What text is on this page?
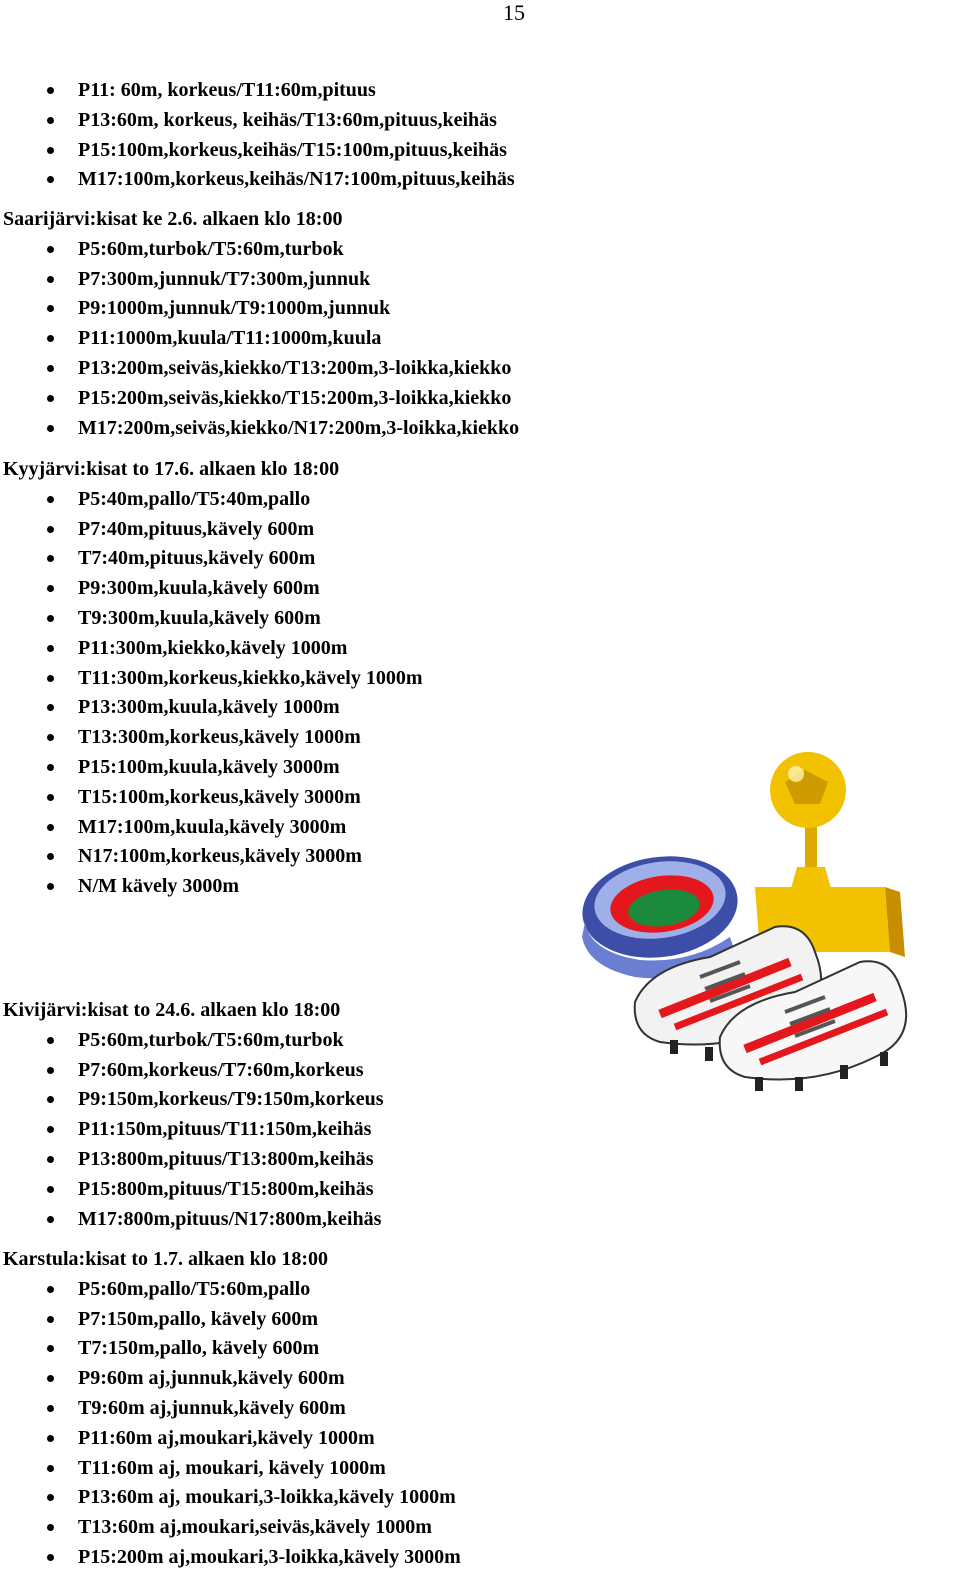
15
P11: 60m, korkeus/T11:60m,pituus
P13:60m, korkeus, keihäs/T13:60m,pituus,keihäs
P15:100m,korkeus,keihäs/T15:100m,pituus,keihäs
M17:100m,korkeus,keihäs/N17:100m,pituus,keihäs
Saarijärvi:kisat ke 2.6. alkaen klo 18:00
P5:60m,turbok/T5:60m,turbok
P7:300m,junnuk/T7:300m,junnuk
P9:1000m,junnuk/T9:1000m,junnuk
P11:1000m,kuula/T11:1000m,kuula
P13:200m,seiväs,kiekko/T13:200m,3-loikka,kiekko
P15:200m,seiväs,kiekko/T15:200m,3-loikka,kiekko
M17:200m,seiväs,kiekko/N17:200m,3-loikka,kiekko
Kyyjärvi:kisat to 17.6. alkaen klo 18:00
P5:40m,pallo/T5:40m,pallo
P7:40m,pituus,kävely 600m
T7:40m,pituus,kävely 600m
P9:300m,kuula,kävely 600m
T9:300m,kuula,kävely 600m
P11:300m,kiekko,kävely 1000m
T11:300m,korkeus,kiekko,kävely 1000m
P13:300m,kuula,kävely 1000m
T13:300m,korkeus,kävely 1000m
P15:100m,kuula,kävely 3000m
T15:100m,korkeus,kävely 3000m
M17:100m,kuula,kävely 3000m
N17:100m,korkeus,kävely 3000m
N/M kävely 3000m
Kivijärvi:kisat to 24.6. alkaen klo 18:00
P5:60m,turbok/T5:60m,turbok
P7:60m,korkeus/T7:60m,korkeus
P9:150m,korkeus/T9:150m,korkeus
P11:150m,pituus/T11:150m,keihäs
P13:800m,pituus/T13:800m,keihäs
P15:800m,pituus/T15:800m,keihäs
M17:800m,pituus/N17:800m,keihäs
Karstula:kisat to 1.7. alkaen klo 18:00
P5:60m,pallo/T5:60m,pallo
P7:150m,pallo, kävely 600m
T7:150m,pallo, kävely 600m
P9:60m aj,junnuk,kävely 600m
T9:60m aj,junnuk,kävely 600m
P11:60m aj,moukari,kävely 1000m
T11:60m aj, moukari, kävely 1000m
P13:60m aj, moukari,3-loikka,kävely 1000m
T13:60m aj,moukari,seiväs,kävely 1000m
P15:200m aj,moukari,3-loikka,kävely 3000m
